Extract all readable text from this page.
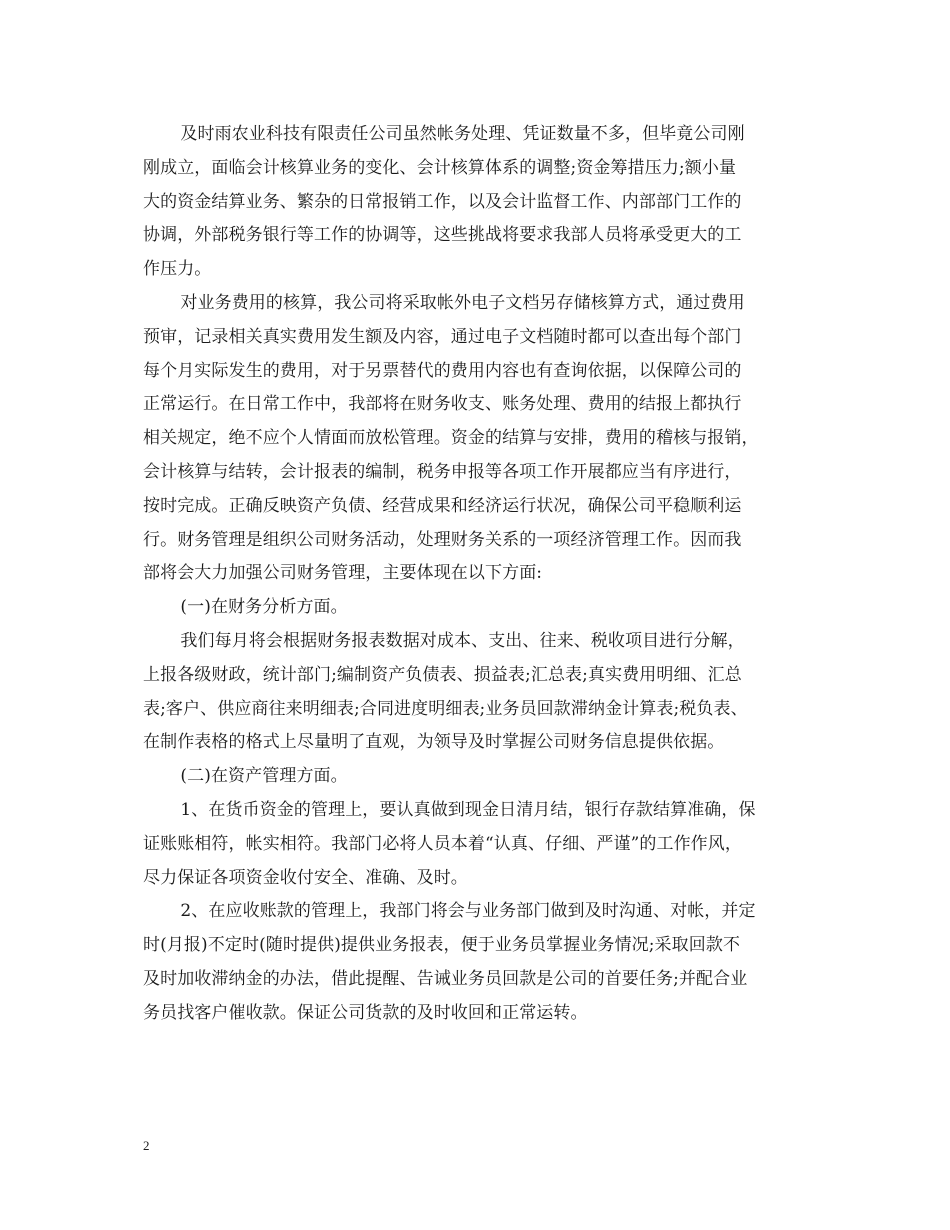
及时雨农业科技有限责任公司虽然帐务处理、凭证数量不多，但毕竟公司刚
刚成立，面临会计核算业务的变化、会计核算体系的调整;资金筹措压力;额小量
大的资金结算业务、繁杂的日常报销工作，以及会计监督工作、内部部门工作的
协调，外部税务银行等工作的协调等，这些挑战将要求我部人员将承受更大的工
作压力。

对业务费用的核算，我公司将采取帐外电子文档另存储核算方式，通过费用
预审，记录相关真实费用发生额及内容，通过电子文档随时都可以查出每个部门
每个月实际发生的费用，对于另票替代的费用内容也有查询依据，以保障公司的
正常运行。在日常工作中，我部将在财务收支、账务处理、费用的结报上都执行
相关规定，绝不应个人情面而放松管理。资金的结算与安排，费用的稽核与报销，
会计核算与结转，会计报表的编制，税务申报等各项工作开展都应当有序进行，
按时完成。正确反映资产负债、经营成果和经济运行状况，确保公司平稳顺利运
行。财务管理是组织公司财务活动，处理财务关系的一项经济管理工作。因而我
部将会大力加强公司财务管理，主要体现在以下方面:

(一)在财务分析方面。

我们每月将会根据财务报表数据对成本、支出、往来、税收项目进行分解，
上报各级财政，统计部门;编制资产负债表、损益表;汇总表;真实费用明细、汇总
表;客户、供应商往来明细表;合同进度明细表;业务员回款滞纳金计算表;税负表、
在制作表格的格式上尽量明了直观，为领导及时掌握公司财务信息提供依据。

(二)在资产管理方面。

1、在货币资金的管理上，要认真做到现金日清月结，银行存款结算准确，保
证账账相符，帐实相符。我部门必将人员本着“认真、仔细、严谨”的工作作风，
尽力保证各项资金收付安全、准确、及时。

2、在应收账款的管理上，我部门将会与业务部门做到及时沟通、对帐，并定
时(月报)不定时(随时提供)提供业务报表，便于业务员掌握业务情况;采取回款不
及时加收滞纳金的办法，借此提醒、告诫业务员回款是公司的首要任务;并配合业
务员找客户催收款。保证公司货款的及时收回和正常运转。

2
